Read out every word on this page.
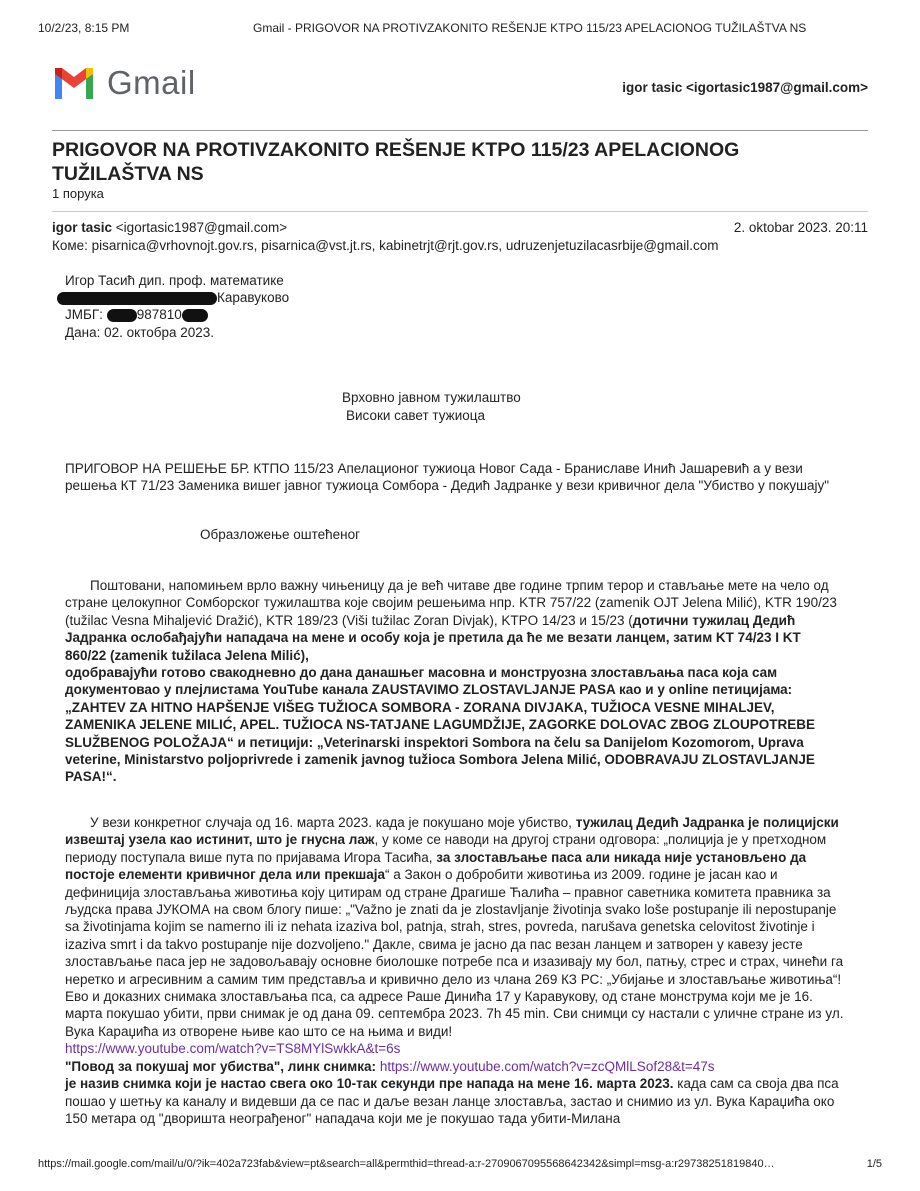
10/2/23, 8:15 PM	Gmail - PRIGOVOR NA PROTIVZAKONITO REŠENJE KTPO 115/23 APELACIONOG TUŽILAŠTVA NS
Gmail	igor tasic <igortasic1987@gmail.com>
PRIGOVOR NA PROTIVZAKONITO REŠENJE KTPO 115/23 APELACIONOG
TUŽILAŠTVA NS
1 порука
igor tasic <igortasic1987@gmail.com>	2. oktobar 2023. 20:11
Коме: pisarnica@vrhovnojt.gov.rs, pisarnica@vst.jt.rs, kabinetrjt@rjt.gov.rs, udruzenjetuzilacasrbije@gmail.com

Игор Тасић дип. проф. математике

Каравуково

ЈМБГ:	987810

Дана: 02. октобра 2023.

Врховно јавном тужилаштво
Високи савет тужиоца
ПРИГОВОР НА РЕШЕЊЕ БР. КТПО 115/23 Апелационог тужиоца Новог Сада - Браниславе Инић Јашаревић а у вези решења КТ 71/23 Заменика вишег јавног тужиоца Сомбора - Дедић Јадранке у вези кривичног дела "Убиство у покушају"
Образложење оштећеног
Поштовани, напомињем врло важну чињеницу да је већ читаве две године трпим терор и стављање мете на чело од стране целокупног Сомборског тужилаштва које својим решењима нпр. KTR 757/22 (zamenik OJT Jelena Milić), KTR 190/23 (tužilac Vesna Mihaljević Dražić), KTR 189/23 (Viši tužilac Zoran Divjak), KTPO 14/23 и 15/23 (дотични тужилац Дедић Јадранка ослобађајући нападача на мене и особу која је претила да ће ме везати ланцем, затим KT 74/23 I KT 860/22 (zamenik tužilaca Jelena Milić),
одобравајући готово свакодневно до дана данашњег масовна и монструозна злостављања паса која сам документовао у плејлистама YouTube канала ZAUSTAVIMO ZLOSTAVLJANJE PASA као и у online петицијама: „ZAHTEV ZA HITNO HAPŠENJE VIŠEG TUŽIOCA SOMBORA - ZORANA DIVJAKA, TUŽIOCA VESNE MIHALJEV, ZAMENIKA JELENE MILIĆ, APEL. TUŽIOCA NS-TATJANE LAGUMDŽIJE, ZAGORKE DOLOVAC ZBOG ZLOUPOTREBE SLUŽBENOG POLOŽAJA“ и петицији: „Veterinarski inspektori Sombora na čelu sa Danijelom Kozomorom, Uprava veterine, Ministarstvo poljoprivrede i zamenik javnog tužioca Sombora Jelena Milić, ODOBRAVAJU ZLOSTAVLJANJE PASA!“.
У вези конкретног случаја од 16. марта 2023. када је покушано моје убиство, тужилац Дедић Јадранка је полицијски извештај узела као истинит, што је гнусна лаж, у коме се наводи на другој страни одговора: „полиција је у претходном периоду поступала више пута по пријавама Игора Тасића, за злостављање паса али никада није установљено да постоје елементи кривичног дела или прекшаја“ а Закон о добробити животиња из 2009. године је јасан као и дефиниција злостављања животиња коју цитирам од стране Драгише Ћалића – правног саветника комитета правника за људска права ЈУКОМА на свом блогу пише: „"Važno je znati da je zlostavljanje životinja svako loše postupanje ili nepostupanje sa životinjama kojim se namerno ili iz nehata izaziva bol, patnja, strah, stres, povreda, narušava genetska celovitost životinje i izaziva smrt i da takvo postupanje nije dozvoljeno." Дакле, свима је јасно да пас везан ланцем и затворен у кавезу јесте злостављање паса јер не задовољавају основне биолошке потребе пса и изазивају му бол, патњу, стрес и страх, чинећи га неретко и агресивним а самим тим представља и кривично дело из члана 269 КЗ РС: „Убијање и злостављање животиња“!
Ево и доказних снимака злостављања пса, са адресе Раше Динића 17 у Каравукову, од стане монструма који ме је 16. марта покушао убити, први снимак је од дана 09. септембра 2023. 7h 45 min. Сви снимци су настали с уличне стране из ул. Вука Караџића из отворене њиве као што се на њима и види!
https://www.youtube.com/watch?v=TS8MYlSwkkA&t=6s
"Повод за покушај мог убиства", линк снимка: https://www.youtube.com/watch?v=zcQMlLSof28&t=47s
је назив снимка који је настао свега око 10-так секунди пре напада на мене 16. марта 2023. када сам са своја два пса пошао у шетњу ка каналу и видевши да се пас и даље везан ланце злоставља, застао и снимио из ул. Вука Караџића око 150 метара од "дворишта неограђеног" нападача који ме је покушао тада убити-Милана
https://mail.google.com/mail/u/0/?ik=402a723fab&view=pt&search=all&permthid=thread-a:r-2709067095568642342&simpl=msg-a:r29738251819840…	1/5
